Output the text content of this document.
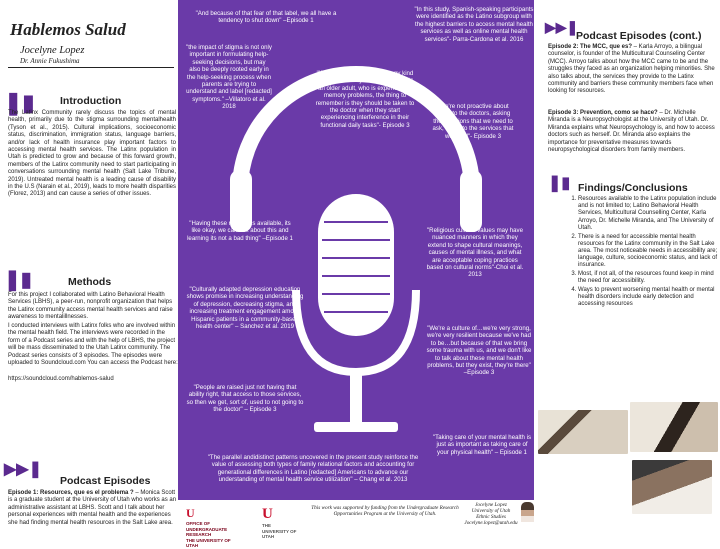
Hablemos Salud
Jocelyne Lopez
Dr. Annie Fukushima
❚▮ Introduction
The Latinx Community rarely discuss the topics of mental health, primarily due to the stigma surrounding mentalhealth (Tyson et al., 2015). Cultural implications, socioeconomic status, discrimination, immigration status, language barriers, and/or lack of health insurance play important factors to accessing mental health services. The Latinx population in Utah is predicted to grow and because of this forward growth, members of the Latinx community need to start participating in conversations surrounding mental health (Salt Lake Tribune, 2019). Untreated mental health is a leading cause of disability in the U.S (Narain et al., 2019), leads to more health disparities (Florez, 2013) and can cause a series of other issues.
❚▮	Methods
For this project I collaborated with Latino Behavioral Health Services (LBHS), a peer-run, nonprofit organization that helps the Latinx community access mental health services and raise awareness to mentalillnesses.
I conducted interviews with Latinx folks who are involved within the mental health field. The interviews were recorded in the form of a Podcast series and with the help of LBHS, the project will be mass disseminated to the Utah Latinx community. The Podcast series consists of 3 episodes. The episodes were uploaded to Soundcloud.com You can access the Podcast here:
https://soundcloud.com/hablemos-salud
▶▶❚
Podcast Episodes
Episode 1: Resources, que es el problema ? – Monica Scott is a graduate student at the University of Utah who works as an administrative assistant at LBHS. Scott and I talk about her personal experiences with mental health and the experiences she had finding mental health resources in the Salt Lake area.
"And because of that fear of that label, we all have a tendency to shut down" –Episode 1
"In this study, Spanish-speaking participants were identified as the Latino subgroup with the highest barriers to access mental health services as well as online mental health services"- Parra-Cardona et al. 2016
"the impact of stigma is not only important in formulating help-seeking decisions, but may also be deeply rooted early in the help-seeking process when parents are trying to understand and label [redacted] symptoms." –Villatoro et al. 2018
"If your family member has any kind of illness, or they're older, maybe its an older adult, who is experiencing memory problems, the thing to remember is they should be taken to the doctor when they start experiencing interference in their functional daily tasks"- Episode 3
"We're not proactive about going to the doctors, asking the questions that we need to ask, to get to the services that we need"- Episode 3
"Having these resources available, its like okay, we can talk about this and learning its not a bad thing" –Episode 1
"Religious cultural values may have nuanced manners in which they extend to shape cultural meanings, causes of mental illness, and what are acceptable coping practices based on cultural norms"-Choi et al. 2013
"Culturally adapted depression education shows promise in increasing understanding of depression, decreasing stigma, and increasing treatment engagement among Hispanic patients in a community-based health center" – Sanchez et al. 2019	"We're a culture of…we're very strong, we're very resilient because we've had to be…but because of that we bring some trauma with us, and we don't like to talk about these mental health problems, but they exist, they're there" –Episode 3
"People are raised just not having that ability right, that access to those services, so then we get, sort of, used to not going to the doctor" – Episode 3
"Taking care of your mental health is just as important as taking care of your physical health" – Episode 1
"The parallel andidistinct patterns uncovered in the present study reinforce the value of assessing both types of family relational factors and accounting for generational differences in Latino [redacted] Americans to advance our understanding of mental health service utilization" – Chang et al. 2013
UOFFICE OF
UNDERGRADUATE RESEARCH
THE UNIVERSITY OF UTAH
UTHE
UNIVERSITY OF UTAH
This work was supported by funding from the Undergraduate Research Opportunities Program at the University of Utah.
Jocelyne Lopez
University of Utah
Ethnic Studies
Jocelyne.lopez@utah.edu
▶▶❚
Podcast Episodes (cont.)
Episode 2: The MCC, que es? – Karla Arroyo, a bilingual counselor, is founder of the Multicultural Counseling Center (MCC). Arroyo talks about how the MCC came to be and the struggles they faced as an organization helping minorities. She also talks about, the services they provide to the Latinx community and barriers these community members face when looking for resources.
Episode 3: Prevention, como se hace? – Dr. Michelle Miranda is a Neuropsychologist at the University of Utah. Dr. Miranda explains what Neuropsychology is, and how to access doctors such as herself. Dr. Miranda also explains the importance for preventative measures towards neuropsychological disorders from family members.
❚▮ Findings/Conclusions
1. Resources available to the Latinx population include and is not limited to; Latino Behavioral Health Services, Multicultural Counselling Center, Karla Arroyo, Dr. Michelle Miranda, and The University of Utah.
2. There is a need for accessible mental health resources for the Latinx community in the Salt Lake area. The most noticeable needs in accessibility are; language, culture, socioeconomic status, and lack of insurance.
3. Most, if not all, of the resources found keep in mind the need for accessibility.
4. Ways to prevent worsening mental health or mental health disorders include early detection and accessing resources
